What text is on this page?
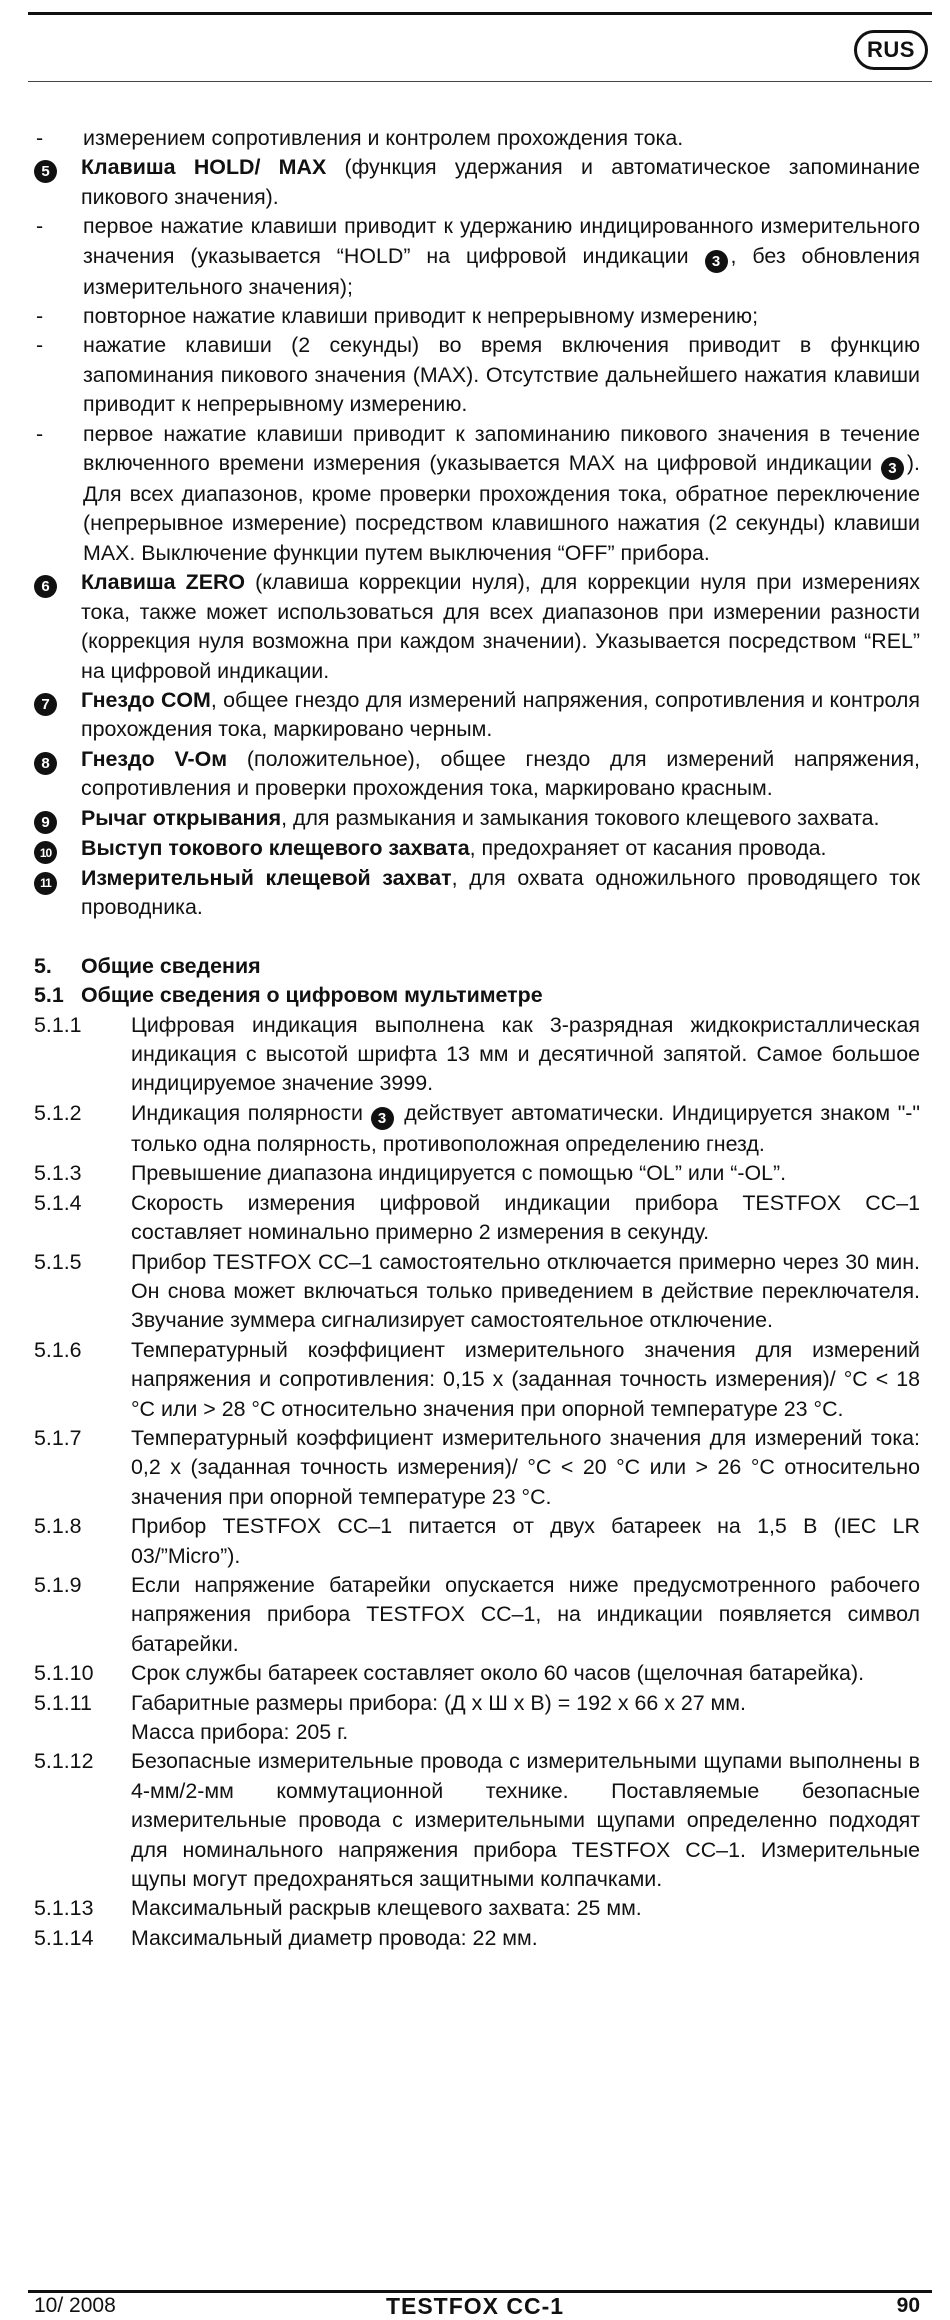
RUS
-	измерением сопротивления и контролем прохождения тока.
5	Клавиша HOLD/ MAX (функция удержания и автоматическое запоминание пикового значения).
-	первое нажатие клавиши приводит к удержанию индицированного измерительного значения (указывается “HOLD” на цифровой индикации 3 , без обновления измерительного значения);
-	повторное нажатие клавиши приводит к непрерывному измерению;
-	нажатие клавиши (2 секунды) во время включения приводит в функцию запоминания пикового значения (MAX). Отсутствие дальнейшего нажатия клавиши приводит к непрерывному измерению.
-	первое нажатие клавиши приводит к запоминанию пикового значения в течение включенного времени измерения (указывается MAX на цифровой индикации 3 ). Для всех диапазонов, кроме проверки прохождения тока, обратное переключение (непрерывное измерение) посредством клавишного нажатия (2 секунды) клавиши MAX. Выключение функции путем выключения “OFF” прибора.
6	Клавиша ZERO (клавиша коррекции нуля), для коррекции нуля при измерениях тока, также может использоваться для всех диапазонов при измерении разности (коррекция нуля возможна при каждом значении). Указывается посредством “REL” на цифровой индикации.
7	Гнездо COM, общее гнездо для измерений напряжения, сопротивления и контроля прохождения тока, маркировано черным.
8	Гнездо V-Ом (положительное), общее гнездо для измерений напряжения, сопротивления и проверки прохождения тока, маркировано красным.
9	Рычаг открывания, для размыкания и замыкания токового клещевого захвата.
10	Выступ токового клещевого захвата, предохраняет от касания провода.
11	Измерительный клещевой захват, для охвата одножильного проводящего ток проводника.
5.	Общие сведения
5.1 Общие сведения о цифровом мультиметре
5.1.1	Цифровая индикация выполнена как 3-разрядная жидкокристаллическая индикация с высотой шрифта 13 мм и десятичной запятой. Самое большое индицируемое значение 3999.
5.1.2	Индикация полярности 3 действует автоматически. Индицируется знаком "-" только одна полярность, противоположная определению гнезд.
5.1.3	Превышение диапазона индицируется с помощью “OL” или “-OL”.
5.1.4	Скорость измерения цифровой индикации прибора TESTFOX CC–1 составляет номинально примерно 2 измерения в секунду.
5.1.5	Прибор TESTFOX CC–1 самостоятельно отключается примерно через 30 мин. Он снова может включаться только приведением в действие переключателя. Звучание зуммера сигнализирует самостоятельное отключение.
5.1.6	Температурный коэффициент измерительного значения для измерений напряжения и сопротивления: 0,15 x (заданная точность измерения)/ °C < 18 °C или > 28 °C относительно значения при опорной температуре 23 °C.
5.1.7	Температурный коэффициент измерительного значения для измерений тока: 0,2 x (заданная точность измерения)/ °C < 20 °C или > 26 °C относительно значения при опорной температуре 23 °C.
5.1.8	Прибор TESTFOX CC–1 питается от двух батареек на 1,5 В (IEC LR 03/”Micro”).
5.1.9	Если напряжение батарейки опускается ниже предусмотренного рабочего напряжения прибора TESTFOX CC–1, на индикации появляется символ батарейки.
5.1.10	Срок службы батареек составляет около 60 часов (щелочная батарейка).
5.1.11	Габаритные размеры прибора: (Д x Ш x В) = 192 x 66 x 27 мм.
Масса прибора: 205 г.
5.1.12	Безопасные измерительные провода с измерительными щупами выполнены в 4-мм/2-мм коммутационной технике. Поставляемые безопасные измерительные провода с измерительными щупами определенно подходят для номинального напряжения прибора TESTFOX CC–1. Измерительные щупы могут предохраняться защитными колпачками.
5.1.13	Максимальный раскрыв клещевого захвата: 25 мм.
5.1.14	Максимальный диаметр провода: 22 мм.
10/ 2008	TESTFOX CC-1	90
